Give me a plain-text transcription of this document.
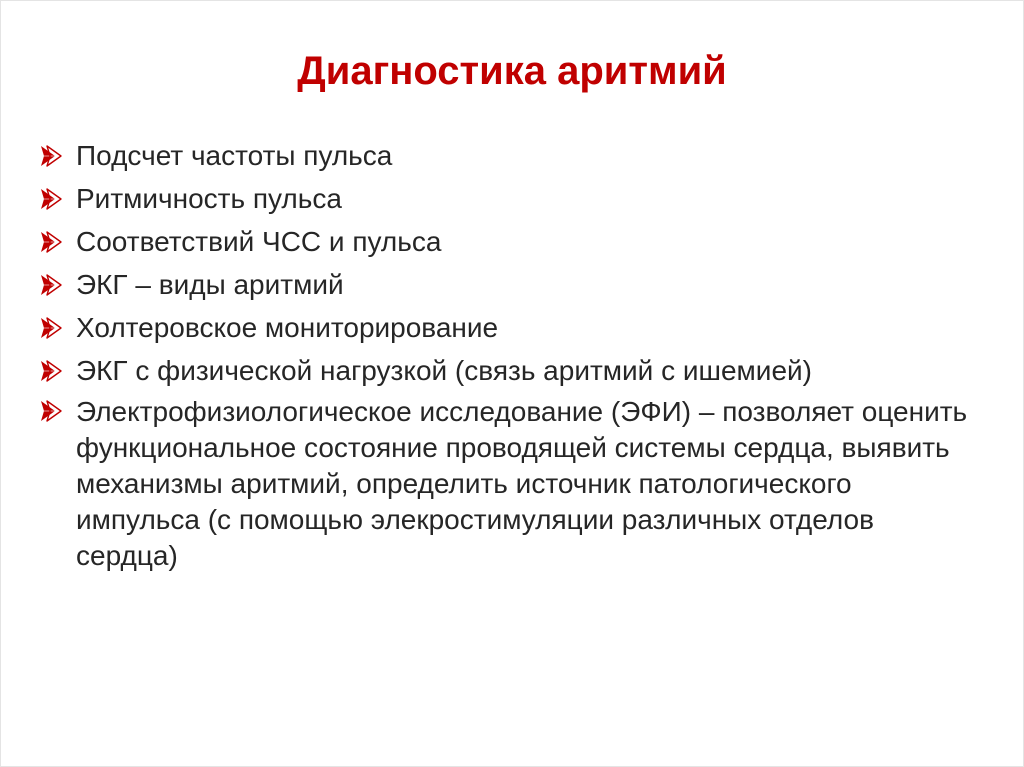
Диагностика аритмий
Подсчет частоты пульса
Ритмичность пульса
Соответствий ЧСС и пульса
ЭКГ – виды аритмий
Холтеровское мониторирование
ЭКГ с физической нагрузкой (связь аритмий с ишемией)
Электрофизиологическое исследование (ЭФИ) – позволяет оценить функциональное состояние проводящей системы сердца, выявить механизмы аритмий, определить источник патологического импульса (с помощью элекростимуляции различных отделов сердца)
